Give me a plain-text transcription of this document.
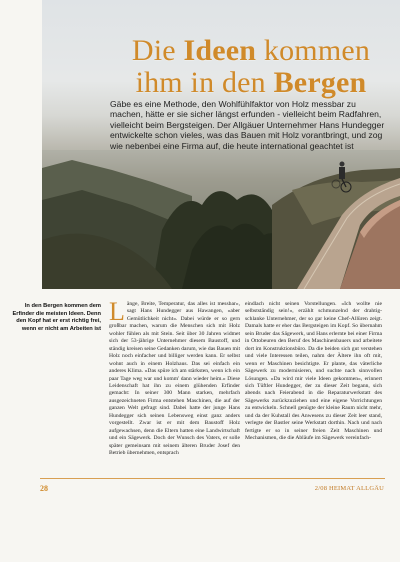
Die Ideen kommen
ihm in den Bergen
Gäbe es eine Methode, den Wohlfühlfaktor von Holz messbar zu machen, hätte er sie sicher längst erfunden - vielleicht beim Radfahren, vielleicht beim Bergsteigen. Der Allgäuer Unternehmer Hans Hundegger entwickelte schon vieles, was das Bauen mit Holz vorantbringt, und zog wie nebenbei eine Firma auf, die heute international geachtet ist
In den Bergen kommen dem Erfinder die meisten Ideen. Denn den Kopf hat er erst richtig frei, wenn er nicht am Arbeiten ist
Länge, Breite, Temperatur, das alles ist messbar«, sagt Hans Hundegger aus Hawangen, »aber Gemütlichkeit nicht«. Dabei würde er so gern großbar machen, warum die Menschen sich mit Holz wohler fühlen als mit Stein. Seit über 30 Jahren widmet sich der 53-jährige Unternehmer diesem Baustoff, und ständig kreisen seine Gedanken darum, wie das Bauen mit Holz noch einfacher und billiger werden kann. Er selbst wohnt auch in einem Holzhaus. Das sei einfach ein anderes Klima. »Das spüre ich am stärksten, wenn ich ein paar Tage weg war und komm' dann wieder heim.« Diese Leidenschaft hat ihn zu einem glühenden Erfinder gemacht: In seiner 300 Mann starken, mehrfach ausgezeichneten Firma entstehen Maschinen, die auf der ganzen Welt gefragt sind. Dabei hatte der junge Hans Hundegger sich seinen Lebensweg einst ganz anders vorgestellt. Zwar ist er mit dem Baustoff Holz aufgewachsen, denn die Eltern hatten eine Landwirtschaft und ein Sägewerk. Doch der Wunsch des Vaters, er solle später gemeinsam mit seinem älteren Bruder Josef den Betrieb übernehmen, entsprach
eindlach nicht seinen Vorstellungen. »Ich wollte nie selbstständig sein!«, erzählt schmunzelnd der drahtig-schlanke Unternehmer, der so gar keine Chef-Allüren zeigt. Damals hatte er eher das Bergsteigen im Kopf. So übernahm sein Bruder das Sägewerk, und Hans erlernte bei einer Firma in Ottobeuren den Beruf des Maschinenbauers und arbeitete dort im Konstruktionsbüro. Da die beiden sich gut verstehen und viele Interessen teilen, nahm der Ältere ihn oft mit, wenn er Maschinen besichtigte. Er plante, das väterliche Sägewerk zu modernisieren, und suchte nach sinnvollen Lösungen. »Da wird mir viele Ideen gekommen«, erinnert sich Tüftler Hundegger, der zu dieser Zeit begann, sich abends nach Feierabend in die Reparaturwerkstatt des Sägewerks zurückzuziehen und eine eigene Vorrichtungen zu entwickeln. Schnell genügte der kleine Raum nicht mehr, und da der Kuhstall des Anwesens zu dieser Zeit leer stand, verlegte der Bastler seine Werkstatt dorthin. Nach und nach fertigte er so in seiner freien Zeit Maschinen und Mechanismen, die die Abläufe im Sägewerk vereinfach-
28	2/08 HEIMAT ALLGÄU
